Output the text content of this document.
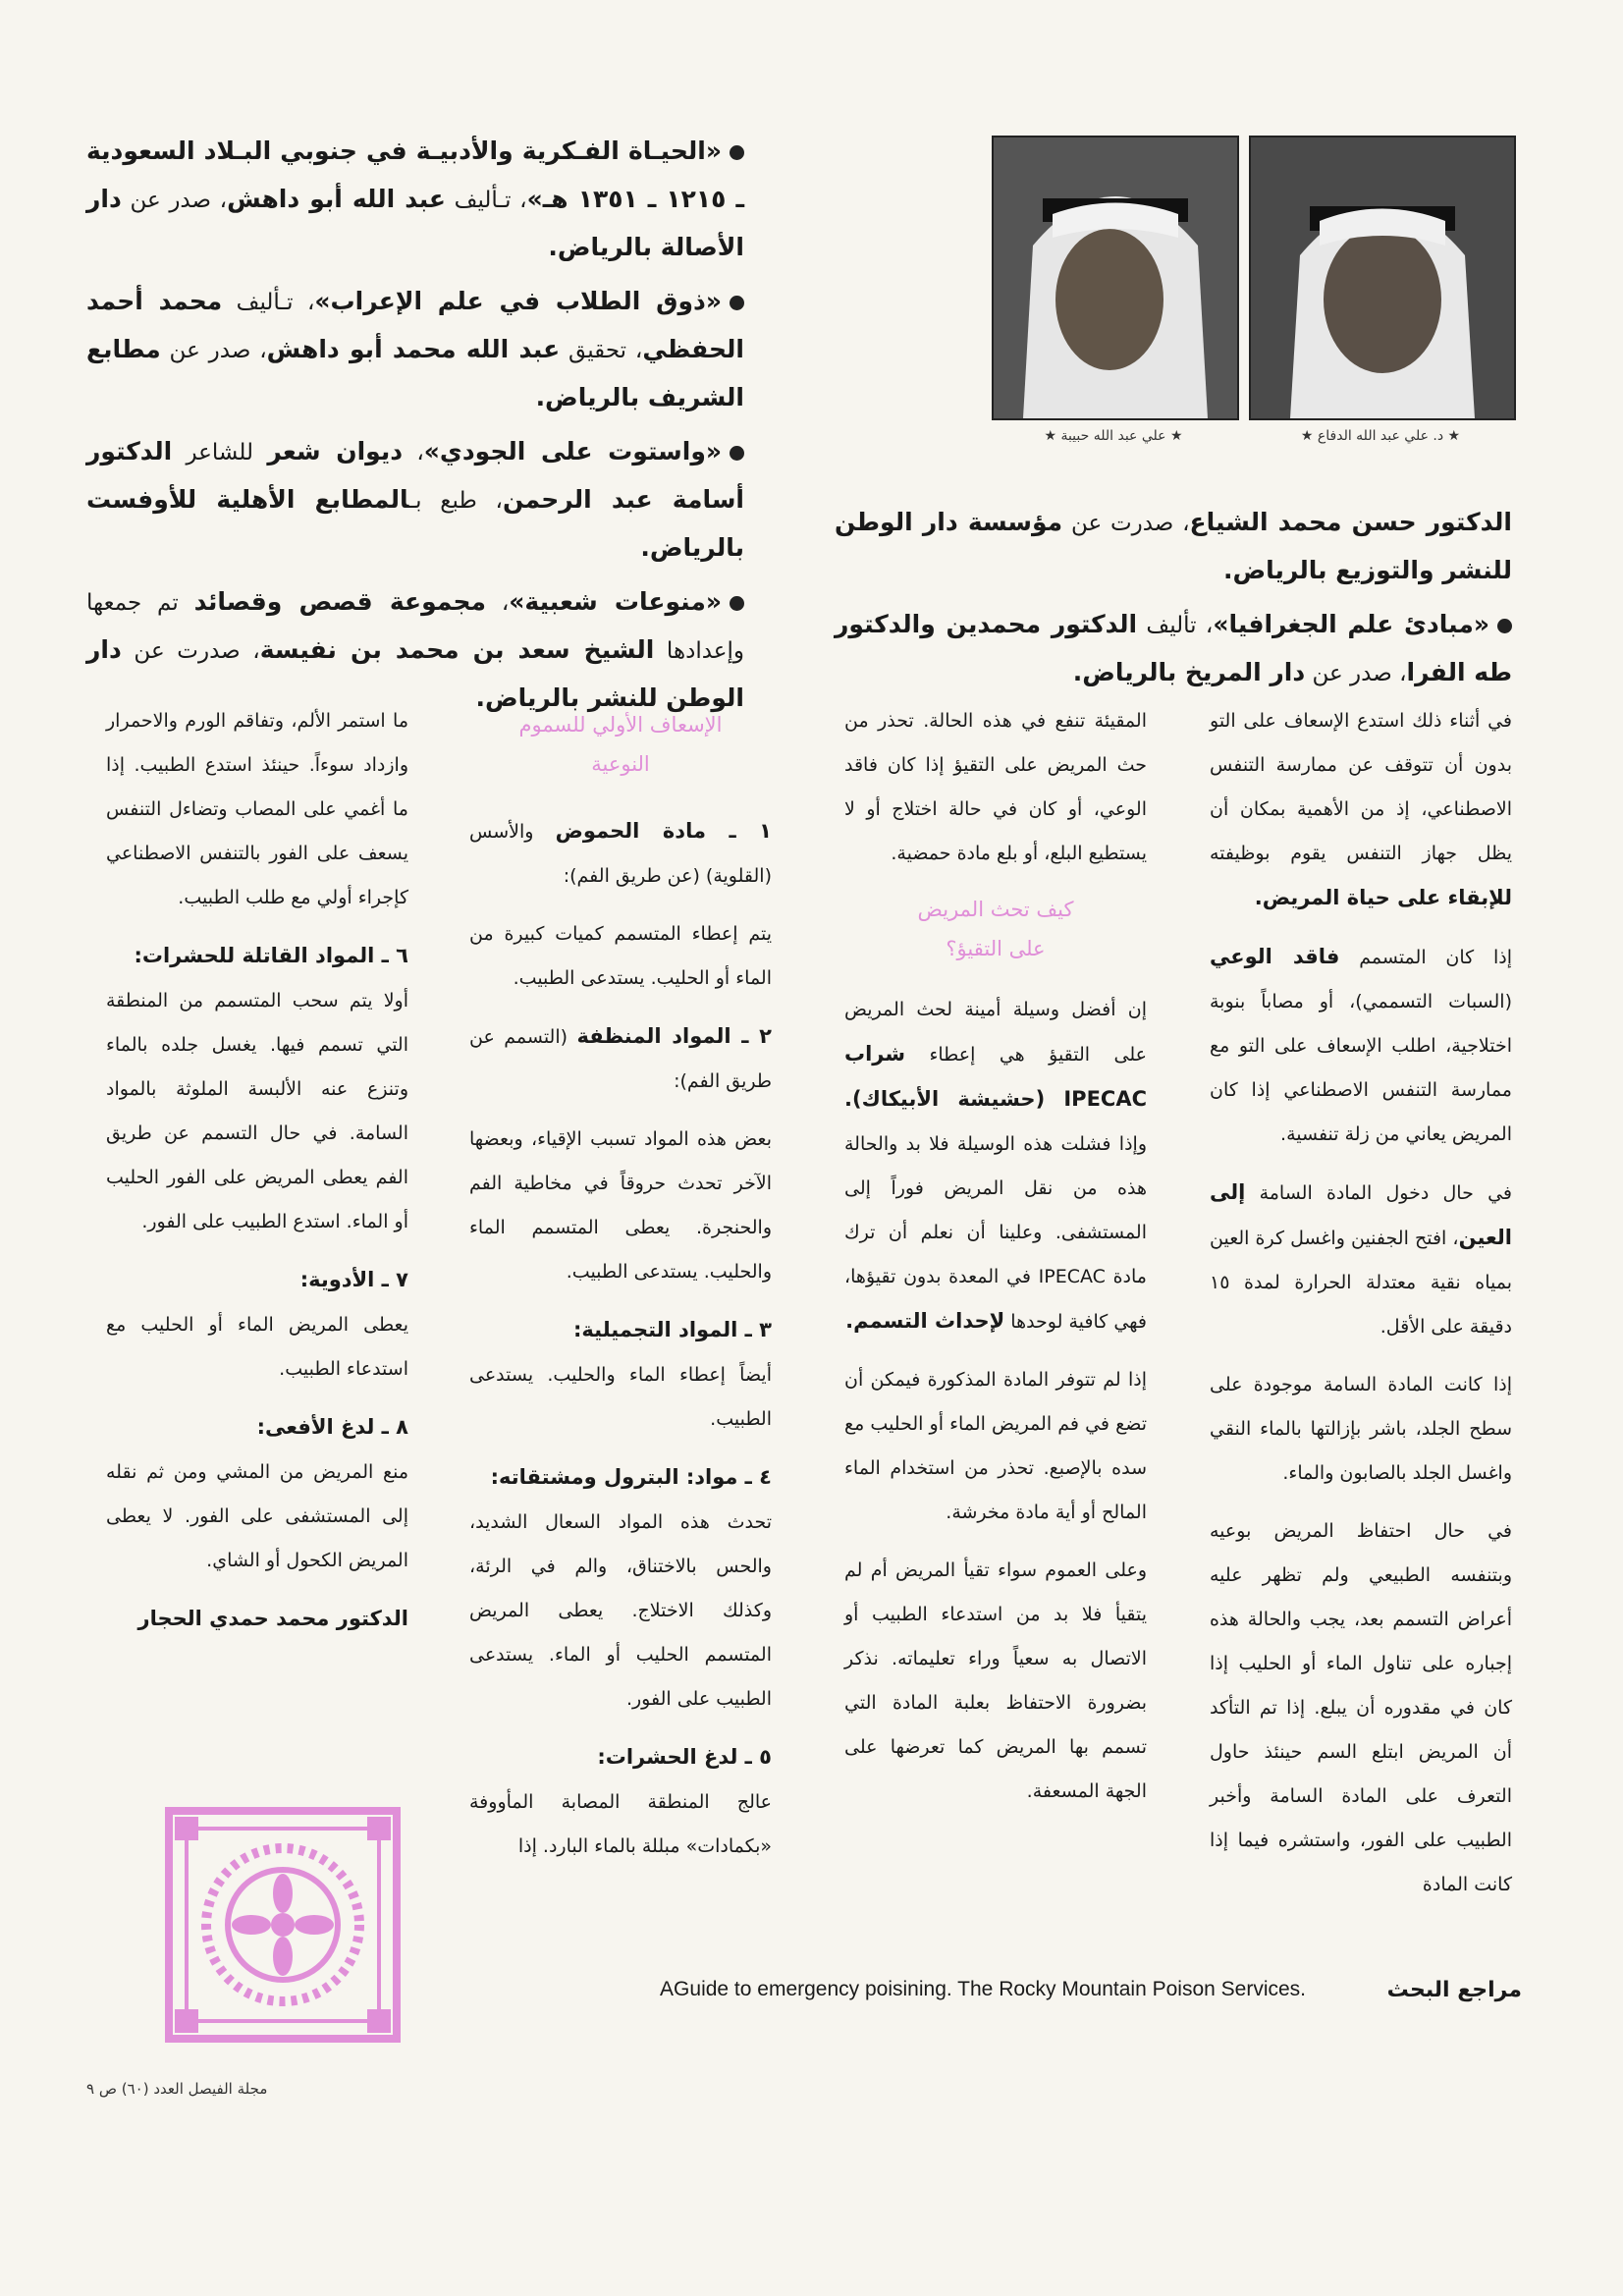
«الحيـاة الفـكرية والأدبيـة في جنوبي البـلاد السعودية ـ ١٢١٥ ـ ١٣٥١ هـ»، تـأليف عبد الله أبو داهش، صدر عن دار الأصالة بالرياض.

«ذوق الطلاب في علم الإعراب»، تـأليف محمد أحمد الحفظي، تحقيق عبد الله محمد أبو داهش، صدر عن مطابع الشريف بالرياض.

«واستوت على الجودي»، ديوان شعر للشاعر الدكتور أسامة عبد الرحمن، طبع بـالمطابع الأهلية للأوفست بالرياض.

«منوعات شعبية»، مجموعة قصص وقصائد تم جمعها وإعدادها الشيخ سعد بن محمد بن نفيسة، صدرت عن دار الوطن للنشر بالرياض.

★ د. علي عبد الله الدفاع ★
★ علي عبد الله حبيبة ★

الدكتور حسن محمد الشياع، صدرت عن مؤسسة دار الوطن للنشر والتوزيع بالرياض.

«مبادئ علم الجغرافيا»، تأليف الدكتور محمدين والدكتور طه الفرا، صدر عن دار المريخ بالرياض.

في أثناء ذلك استدع الإسعاف على التو بدون أن تتوقف عن ممارسة التنفس الاصطناعي، إذ من الأهمية بمكان أن يظل جهاز التنفس يقوم بوظيفته للإبقاء على حياة المريض.

إذا كان المتسمم فاقد الوعي (السبات التسممي)، أو مصاباً بنوبة اختلاجية، اطلب الإسعاف على التو مع ممارسة التنفس الاصطناعي إذا كان المريض يعاني من زلة تنفسية.

في حال دخول المادة السامة إلى العين، افتح الجفنين واغسل كرة العين بمياه نقية معتدلة الحرارة لمدة ١٥ دقيقة على الأقل.

إذا كانت المادة السامة موجودة على سطح الجلد، باشر بإزالتها بالماء النقي واغسل الجلد بالصابون والماء.

في حال احتفاظ المريض بوعيه وبتنفسه الطبيعي ولم تظهر عليه أعراض التسمم بعد، يجب والحالة هذه إجباره على تناول الماء أو الحليب إذا كان في مقدوره أن يبلع. إذا تم التأكد أن المريض ابتلع السم حينئذ حاول التعرف على المادة السامة وأخبر الطبيب على الفور، واستشره فيما إذا كانت المادة

المقيئة تنفع في هذه الحالة. تحذر من حث المريض على التقيؤ إذا كان فاقد الوعي، أو كان في حالة اختلاج أو لا يستطيع البلع، أو بلع مادة حمضية.

كيف تحث المريض على التقيؤ؟

إن أفضل وسيلة أمينة لحث المريض على التقيؤ هي إعطاء شراب IPECAC (حشيشة الأبيكاك). وإذا فشلت هذه الوسيلة فلا بد والحالة هذه من نقل المريض فوراً إلى المستشفى. وعلينا أن نعلم أن ترك مادة IPECAC في المعدة بدون تقيؤها، فهي كافية لوحدها لإحداث التسمم.

إذا لم تتوفر المادة المذكورة فيمكن أن تضع في فم المريض الماء أو الحليب مع سده بالإصبع. تحذر من استخدام الماء المالح أو أية مادة مخرشة.

وعلى العموم سواء تقيأ المريض أم لم يتقيأ فلا بد من استدعاء الطبيب أو الاتصال به سعياً وراء تعليماته. نذكر بضرورة الاحتفاظ بعلبة المادة التي تسمم بها المريض كما تعرضها على الجهة المسعفة.

الإسعاف الأولي للسموم النوعية

١ ـ مادة الحموض والأسس (القلوية) (عن طريق الفم):

يتم إعطاء المتسمم كميات كبيرة من الماء أو الحليب. يستدعى الطبيب.

٢ ـ المواد المنظفة (التسمم عن طريق الفم):

بعض هذه المواد تسبب الإقياء، وبعضها الآخر تحدث حروقاً في مخاطية الفم والحنجرة. يعطى المتسمم الماء والحليب. يستدعى الطبيب.

٣ ـ المواد التجميلية:

أيضاً إعطاء الماء والحليب. يستدعى الطبيب.

٤ ـ مواد: البترول ومشتقاته:

تحدث هذه المواد السعال الشديد، والحس بالاختناق، والم في الرئة، وكذلك الاختلاج. يعطى المريض المتسمم الحليب أو الماء. يستدعى الطبيب على الفور.

٥ ـ لدغ الحشرات:

عالج المنطقة المصابة المأووفة «بكمادات» مبللة بالماء البارد. إذا

ما استمر الألم، وتفاقم الورم والاحمرار وازداد سوءاً. حينئذ استدع الطبيب. إذا ما أغمي على المصاب وتضاءل التنفس يسعف على الفور بالتنفس الاصطناعي كإجراء أولي مع طلب الطبيب.

٦ ـ المواد القاتلة للحشرات:

أولا يتم سحب المتسمم من المنطقة التي تسمم فيها. يغسل جلده بالماء وتنزع عنه الألبسة الملوثة بالمواد السامة. في حال التسمم عن طريق الفم يعطى المريض على الفور الحليب أو الماء. استدع الطبيب على الفور.

٧ ـ الأدوية:

يعطى المريض الماء أو الحليب مع استدعاء الطبيب.

٨ ـ لدغ الأفعى:

منع المريض من المشي ومن ثم نقله إلى المستشفى على الفور. لا يعطى المريض الكحول أو الشاي.

الدكتور محمد حمدي الحجار

مراجع البحث
AGuide to emergency poisining. The Rocky Mountain Poison Services.
مجلة الفيصل العدد (٦٠) ص ٩
